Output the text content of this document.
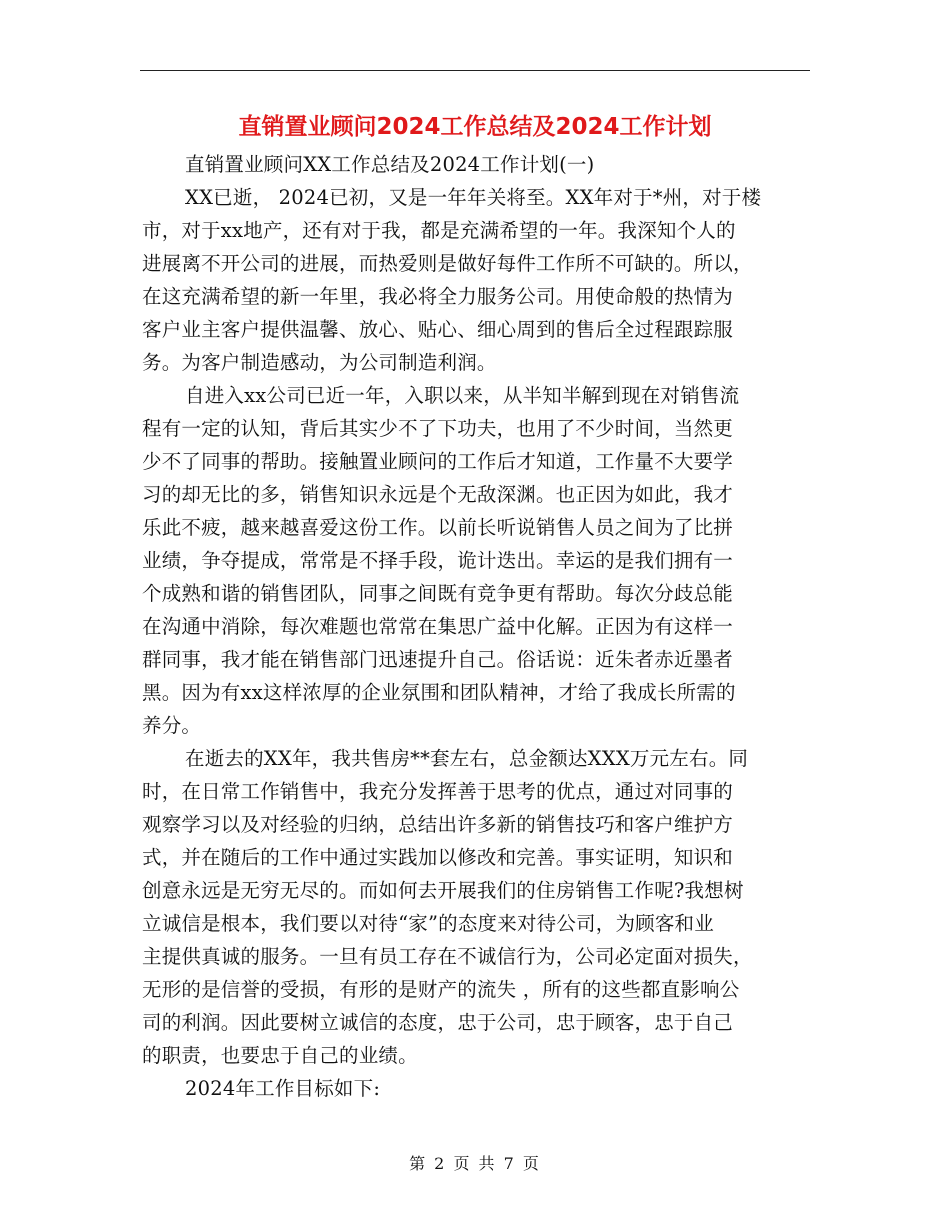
直销置业顾问2024工作总结及2024工作计划
直销置业顾问XX工作总结及2024工作计划(一)
XX已逝， 2024已初，又是一年年关将至。XX年对于*州，对于楼
市，对于xx地产，还有对于我，都是充满希望的一年。我深知个人的
进展离不开公司的进展，而热爱则是做好每件工作所不可缺的。所以，
在这充满希望的新一年里，我必将全力服务公司。用使命般的热情为
客户业主客户提供温馨、放心、贴心、细心周到的售后全过程跟踪服
务。为客户制造感动，为公司制造利润。
自进入xx公司已近一年，入职以来，从半知半解到现在对销售流
程有一定的认知，背后其实少不了下功夫，也用了不少时间，当然更
少不了同事的帮助。接触置业顾问的工作后才知道，工作量不大要学
习的却无比的多，销售知识永远是个无敌深渊。也正因为如此，我才
乐此不疲，越来越喜爱这份工作。以前长听说销售人员之间为了比拼
业绩，争夺提成，常常是不择手段，诡计迭出。幸运的是我们拥有一
个成熟和谐的销售团队，同事之间既有竞争更有帮助。每次分歧总能
在沟通中消除，每次难题也常常在集思广益中化解。正因为有这样一
群同事，我才能在销售部门迅速提升自己。俗话说：近朱者赤近墨者
黑。因为有xx这样浓厚的企业氛围和团队精神，才给了我成长所需的
养分。
在逝去的XX年，我共售房**套左右，总金额达XXX万元左右。同
时，在日常工作销售中，我充分发挥善于思考的优点，通过对同事的
观察学习以及对经验的归纳，总结出许多新的销售技巧和客户维护方
式，并在随后的工作中通过实践加以修改和完善。事实证明，知识和
创意永远是无穷无尽的。而如何去开展我们的住房销售工作呢?我想树
立诚信是根本，我们要以对待“家”的态度来对待公司，为顾客和业
主提供真诚的服务。一旦有员工存在不诚信行为，公司必定面对损失，
无形的是信誉的受损，有形的是财产的流失 ，所有的这些都直影响公
司的利润。因此要树立诚信的态度，忠于公司，忠于顾客，忠于自己
的职责，也要忠于自己的业绩。
2024年工作目标如下:
第 2 页 共 7 页
